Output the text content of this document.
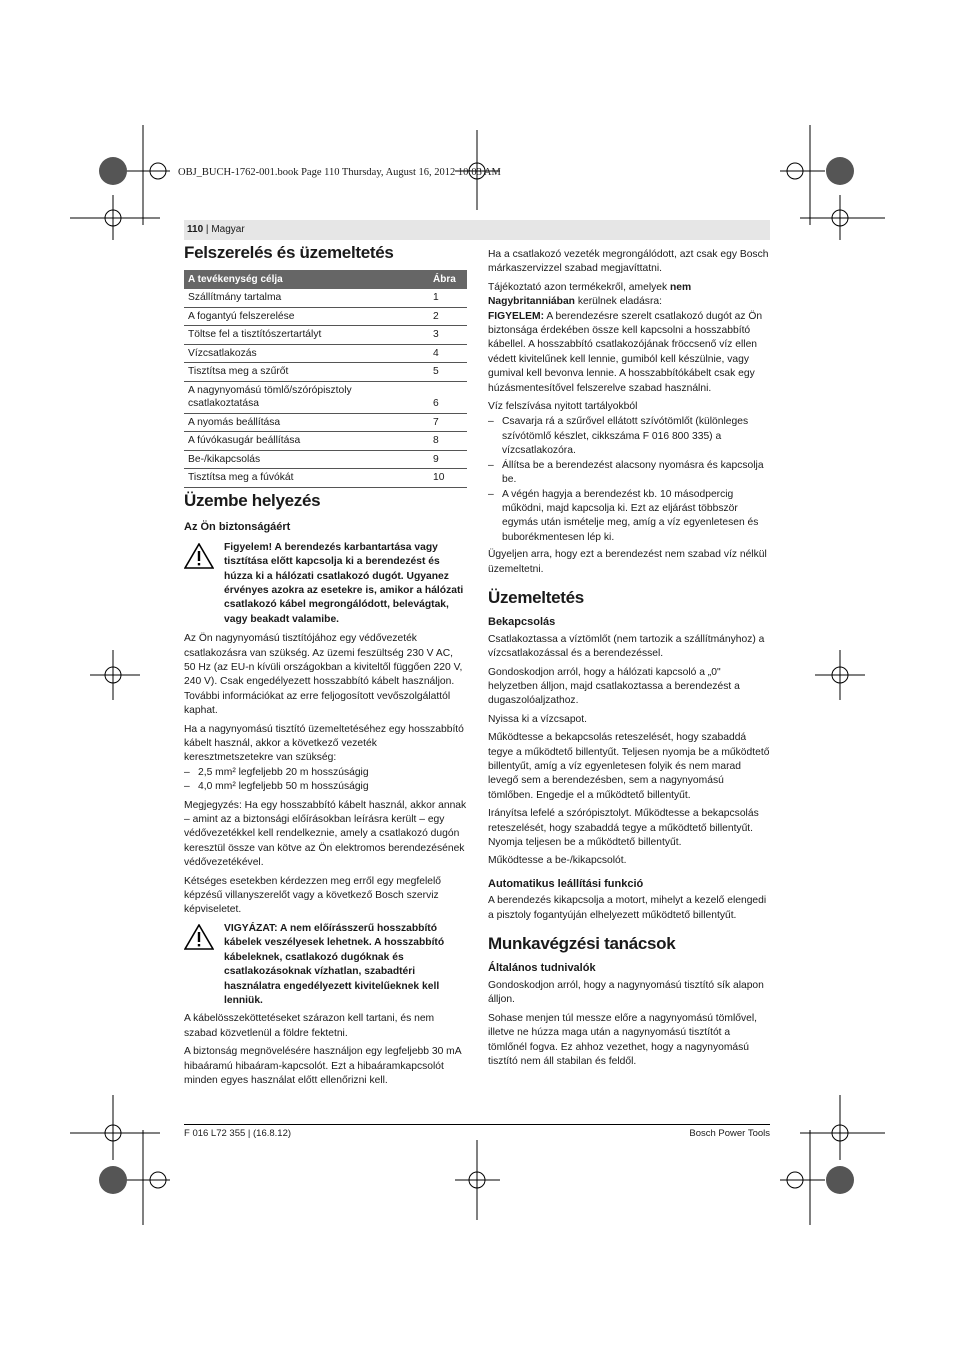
OBJ_BUCH-1762-001.book Page 110 Thursday, August 16, 2012 10:03 AM
110 | Magyar
Felszerelés és üzemeltetés
A tevékenység célja	Ábra
Szállítmány tartalma	1
A fogantyú felszerelése	2
Töltse fel a tisztítószertartályt	3
Vízcsatlakozás	4
Tisztítsa meg a szűrőt	5
A nagynyomású tömlő/szórópisztoly csatlakoztatása	6
A nyomás beállítása	7
A fúvókasugár beállítása	8
Be-/kikapcsolás	9
Tisztítsa meg a fúvókát	10
Üzembe helyezés
Az Ön biztonságáért
Figyelem! A berendezés karbantartása vagy tisztítása előtt kapcsolja ki a berendezést és húzza ki a hálózati csatlakozó dugót. Ugyanez érvényes azokra az esetekre is, amikor a hálózati csatlakozó kábel megrongálódott, belevágtak, vagy beakadt valamibe.

Az Ön nagynyomású tisztítójához egy védővezeték csatlakozásra van szükség. Az üzemi feszültség 230 V AC, 50 Hz (az EU-n kívüli országokban a kiviteltől függően 220 V, 240 V). Csak engedélyezett hosszabbító kábelt használjon. További információkat az erre feljogosított vevőszolgálattól kaphat.

Ha a nagynyomású tisztító üzemeltetéséhez egy hosszabbító kábelt használ, akkor a következő vezeték keresztmetszetekre van szükség:

– 2,5 mm² legfeljebb 20 m hosszúságig
– 4,0 mm² legfeljebb 50 m hosszúságig

Megjegyzés: Ha egy hosszabbító kábelt használ, akkor annak – amint az a biztonsági előírásokban leírásra került – egy védővezetékkel kell rendelkeznie, amely a csatlakozó dugón keresztül össze van kötve az Ön elektromos berendezésének védővezetékével.

Kétséges esetekben kérdezzen meg erről egy megfelelő képzésű villanyszerelőt vagy a következő Bosch szerviz képviseletet.

VIGYÁZAT: A nem előírásszerű hosszabbító kábelek veszélyesek lehetnek. A hosszabbító kábeleknek, csatlakozó dugóknak és csatlakozásoknak vízhatlan, szabadtéri használatra engedélyezett kivitelűeknek kell lenniük.

A kábelösszeköttetéseket szárazon kell tartani, és nem szabad közvetlenül a földre fektetni.

A biztonság megnövelésére használjon egy legfeljebb 30 mA hibaáramú hibaáram-kapcsolót. Ezt a hibaáramkapcsolót minden egyes használat előtt ellenőrizni kell.

Ha a csatlakozó vezeték megrongálódott, azt csak egy Bosch márkaszervizzel szabad megjavíttatni.

Tájékoztató azon termékekről, amelyek nem Nagybritanniában kerülnek eladásra:

FIGYELEM: A berendezésre szerelt csatlakozó dugót az Ön biztonsága érdekében össze kell kapcsolni a hosszabbító kábellel. A hosszabbító csatlakozójának fröccsenő víz ellen védett kivitelűnek kell lennie, gumiból kell készülnie, vagy gumival kell bevonva lennie. A hosszabbítókábelt csak egy húzásmentesítővel felszerelve szabad használni.

Víz felszívása nyitott tartályokból

– Csavarja rá a szűrővel ellátott szívótömlőt (különleges szívótömlő készlet, cikkszáma F 016 800 335) a vízcsatlakozóra.
– Állítsa be a berendezést alacsony nyomásra és kapcsolja be.
– A végén hagyja a berendezést kb. 10 másodpercig működni, majd kapcsolja ki. Ezt az eljárást többször egymás után ismételje meg, amíg a víz egyenletesen és buborékmentesen lép ki.

Ügyeljen arra, hogy ezt a berendezést nem szabad víz nélkül üzemeltetni.

Üzemeltetés
Bekapcsolás

Csatlakoztassa a víztömlőt (nem tartozik a szállítmányhoz) a vízcsatlakozással és a berendezéssel.

Gondoskodjon arról, hogy a hálózati kapcsoló a „0" helyzetben álljon, majd csatlakoztassa a berendezést a dugaszolóaljzathoz.

Nyissa ki a vízcsapot.

Működtesse a bekapcsolás reteszelését, hogy szabaddá tegye a működtető billentyűt. Teljesen nyomja be a működtető billentyűt, amíg a víz egyenletesen folyik és nem marad levegő sem a berendezésben, sem a nagynyomású tömlőben. Engedje el a működtető billentyűt.

Irányítsa lefelé a szórópisztolyt. Működtesse a bekapcsolás reteszelését, hogy szabaddá tegye a működtető billentyűt. Nyomja teljesen be a működtető billentyűt.

Működtesse a be-/kikapcsolót.

Automatikus leállítási funkció

A berendezés kikapcsolja a motort, mihelyt a kezelő elengedi a pisztoly fogantyúján elhelyezett működtető billentyűt.

Munkavégzési tanácsok
Általános tudnivalók

Gondoskodjon arról, hogy a nagynyomású tisztító sík alapon álljon.

Sohase menjen túl messze előre a nagynyomású tömlővel, illetve ne húzza maga után a nagynyomású tisztítót a tömlőnél fogva. Ez ahhoz vezethet, hogy a nagynyomású tisztító nem áll stabilan és feldől.

F 016 L72 355 | (16.8.12)	Bosch Power Tools
